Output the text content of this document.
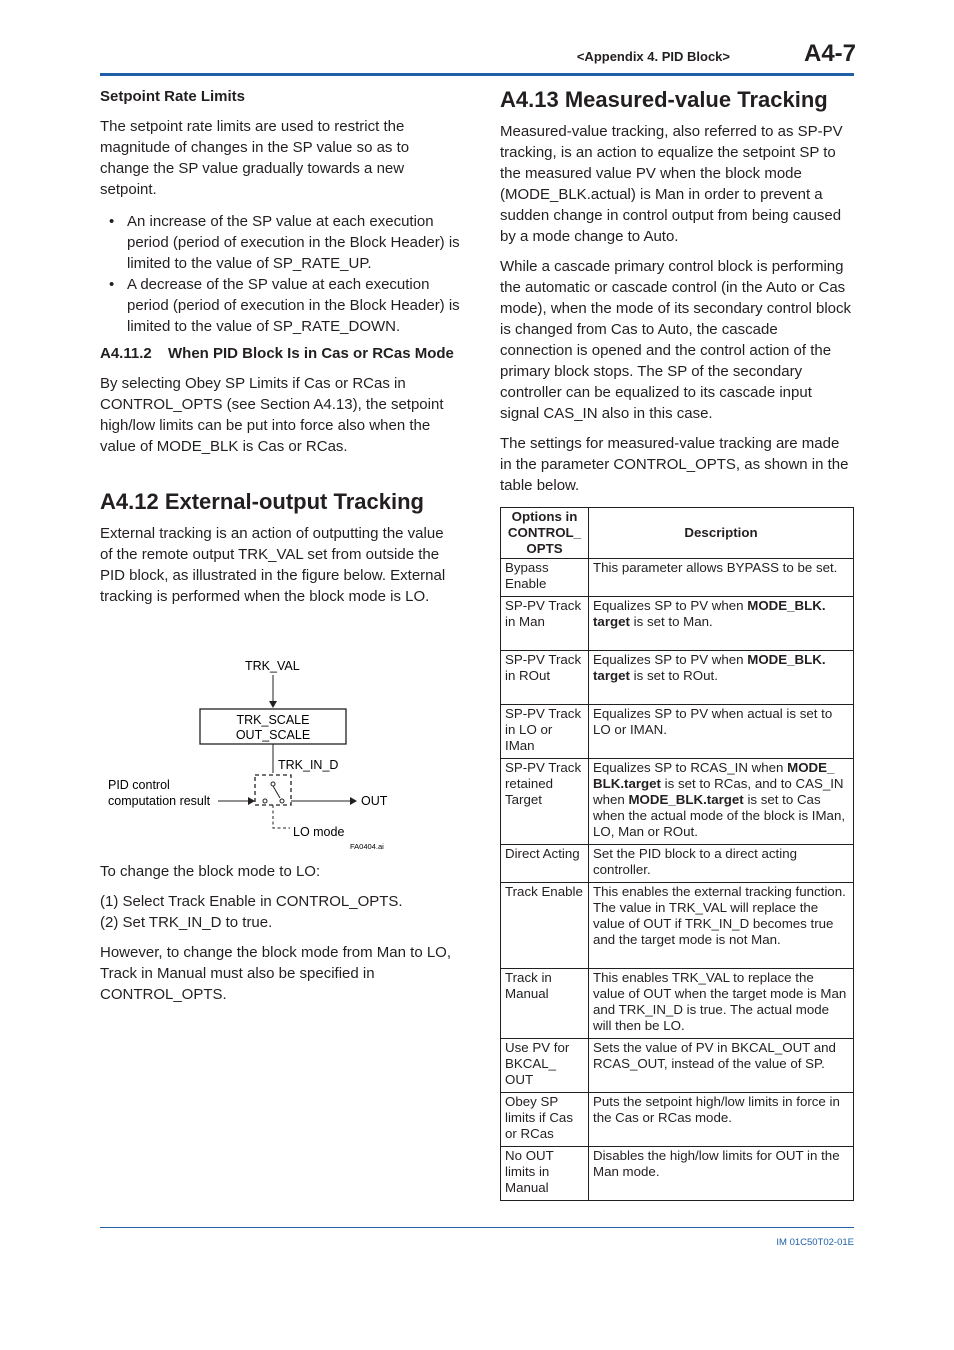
<Appendix 4. PID Block>	A4-7
Setpoint Rate Limits

The setpoint rate limits are used to restrict the magnitude of changes in the SP value so as to change the SP value gradually towards a new setpoint.

• An increase of the SP value at each execution period (period of execution in the Block Header) is limited to the value of SP_RATE_UP.
• A decrease of the SP value at each execution period (period of execution in the Block Header) is limited to the value of SP_RATE_DOWN.
A4.11.2	When PID Block Is in Cas or RCas Mode

By selecting Obey SP Limits if Cas or RCas in CONTROL_OPTS (see Section A4.13), the setpoint high/low limits can be put into force also when the value of MODE_BLK is Cas or RCas.

A4.12 External-output Tracking

External tracking is an action of outputting the value of the remote output TRK_VAL set from outside the PID block, as illustrated in the figure below. External tracking is performed when the block mode is LO.

TRK_VAL
TRK_SCALE
OUT_SCALE
TRK_IN_D
PID control
computation result	OUT
LO mode
FA0404.ai

To change the block mode to LO:

(1) Select Track Enable in CONTROL_OPTS.
(2) Set TRK_IN_D to true.

However, to change the block mode from Man to LO, Track in Manual must also be specified in CONTROL_OPTS.

A4.13 Measured-value Tracking

Measured-value tracking, also referred to as SP-PV tracking, is an action to equalize the setpoint SP to the measured value PV when the block mode (MODE_BLK.actual) is Man in order to prevent a sudden change in control output from being caused by a mode change to Auto.

While a cascade primary control block is performing the automatic or cascade control (in the Auto or Cas mode), when the mode of its secondary control block is changed from Cas to Auto, the cascade connection is opened and the control action of the primary block stops. The SP of the secondary controller can be equalized to its cascade input signal CAS_IN also in this case.

The settings for measured-value tracking are made in the parameter CONTROL_OPTS, as shown in the table below.

Options in CONTROL_ OPTS	Description
Bypass Enable	This parameter allows BYPASS to be set.
SP-PV Track in Man	Equalizes SP to PV when MODE_BLK. target is set to Man.
SP-PV Track in ROut	Equalizes SP to PV when MODE_BLK. target is set to ROut.
SP-PV Track in LO or IMan	Equalizes SP to PV when actual is set to LO or IMAN.
SP-PV Track retained Target	Equalizes SP to RCAS_IN when MODE_ BLK.target is set to RCas, and to CAS_IN when MODE_BLK.target is set to Cas when the actual mode of the block is IMan, LO, Man or ROut.
Direct Acting	Set the PID block to a direct acting controller.
Track Enable	This enables the external tracking function. The value in TRK_VAL will replace the value of OUT if TRK_IN_D becomes true and the target mode is not Man.
Track in Manual	This enables TRK_VAL to replace the value of OUT when the target mode is Man and TRK_IN_D is true. The actual mode will then be LO.
Use PV for BKCAL_ OUT	Sets the value of PV in BKCAL_OUT and RCAS_OUT, instead of the value of SP.
Obey SP limits if Cas or RCas	Puts the setpoint high/low limits in force in the Cas or RCas mode.
No OUT limits in Manual	Disables the high/low limits for OUT in the Man mode.
IM 01C50T02-01E
